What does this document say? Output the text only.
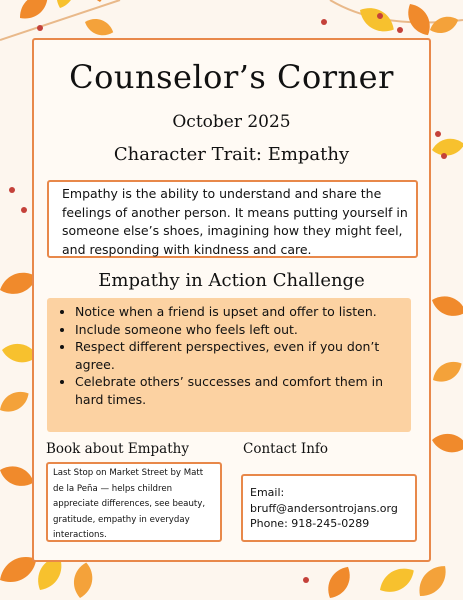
Counselor’s Corner
October 2025
Character Trait: Empathy
Empathy is the ability to understand and share the feelings of another person. It means putting yourself in someone else’s shoes, imagining how they might feel, and responding with kindness and care.
Empathy in Action Challenge
• Notice when a friend is upset and offer to listen.
• Include someone who feels left out.
• Respect different perspectives, even if you don’t agree.
• Celebrate others’ successes and comfort them in hard times.
Book about Empathy	Contact Info
Last Stop on Market Street by Matt de la Peña — helps children appreciate differences, see beauty, gratitude, empathy in everyday interactions.
Email:
bruff@andersontrojans.org
Phone: 918-245-0289
